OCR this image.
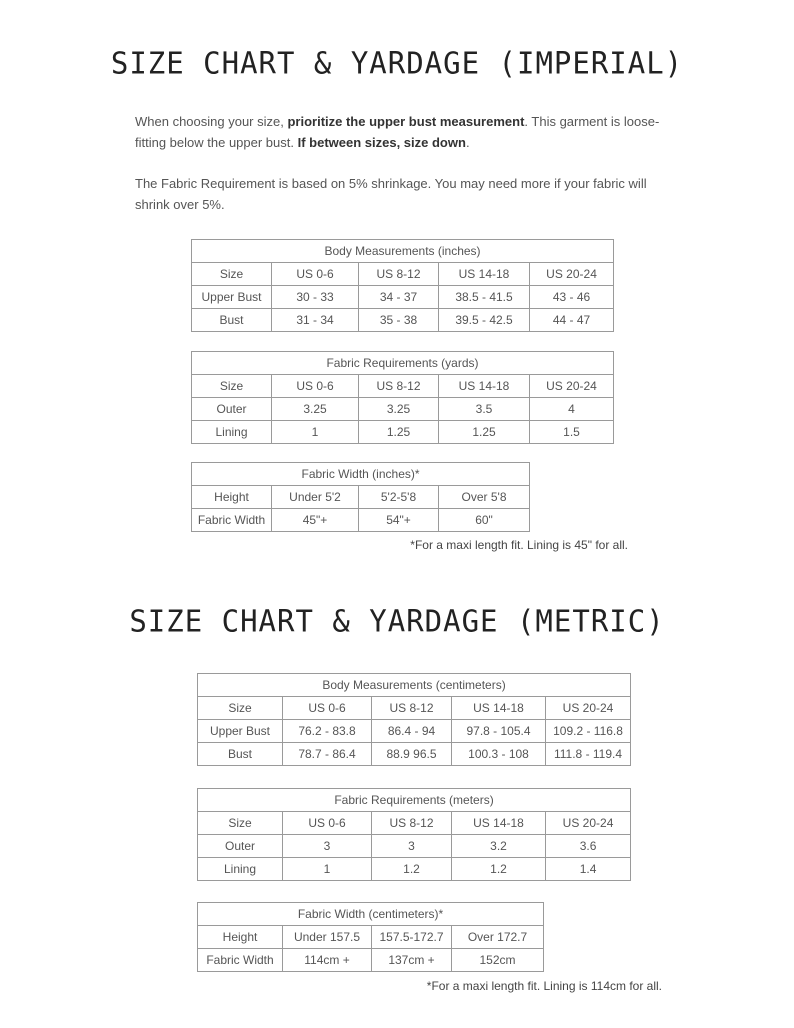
SIZE CHART & YARDAGE (IMPERIAL)

When choosing your size, prioritize the upper bust measurement. This garment is loose-fitting below the upper bust. If between sizes, size down.

The Fabric Requirement is based on 5% shrinkage. You may need more if your fabric will shrink over 5%.

Body Measurements (inches)				
Size	US 0-6	US 8-12	US 14-18	US 20-24
Upper Bust	30 - 33	34 - 37	38.5 - 41.5	43 - 46
Bust	31 - 34	35 - 38	39.5 - 42.5	44 - 47
Fabric Requirements (yards)				
Size	US 0-6	US 8-12	US 14-18	US 20-24
Outer	3.25	3.25	3.5	4
Lining	1	1.25	1.25	1.5
Fabric Width (inches)*			
Height	Under 5'2	5'2-5'8	Over 5'8
Fabric Width	45"+	54"+	60"

*For a maxi length fit. Lining is 45" for all.

SIZE CHART & YARDAGE (METRIC)
Body Measurements (centimeters)				
Size	US 0-6	US 8-12	US 14-18	US 20-24
Upper Bust	76.2 - 83.8	86.4 - 94	97.8 - 105.4	109.2 - 116.8
Bust	78.7 - 86.4	88.9 96.5	100.3 - 108	111.8 - 119.4
Fabric Requirements (meters)				
Size	US 0-6	US 8-12	US 14-18	US 20-24
Outer	3	3	3.2	3.6
Lining	1	1.2	1.2	1.4
Fabric Width (centimeters)*			
Height	Under 157.5	157.5-172.7	Over 172.7
Fabric Width	114cm +	137cm +	152cm

*For a maxi length fit. Lining is 114cm for all.
